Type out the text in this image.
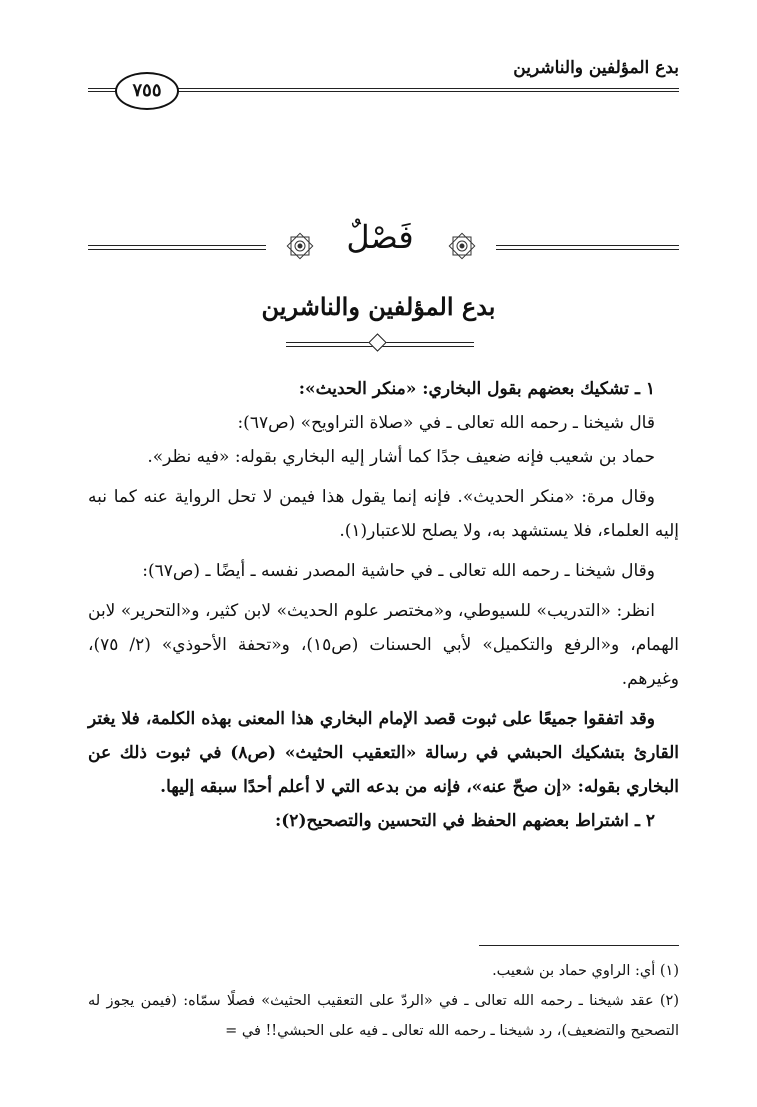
بدع المؤلفين والناشرين
٧٥٥
فَصْلٌ
بدع المؤلفين والناشرين

١ ـ تشكيك بعضهم بقول البخاري: «منكر الحديث»:

قال شيخنا ـ رحمه الله تعالى ـ في «صلاة التراويح» (ص٦٧):

حماد بن شعيب فإنه ضعيف جدًا كما أشار إليه البخاري بقوله: «فيه نظر».

وقال مرة: «منكر الحديث». فإنه إنما يقول هذا فيمن لا تحل الرواية عنه كما نبه إليه العلماء، فلا يستشهد به، ولا يصلح للاعتبار(١).

وقال شيخنا ـ رحمه الله تعالى ـ في حاشية المصدر نفسه ـ أيضًا ـ (ص٦٧):

انظر: «التدريب» للسيوطي، و«مختصر علوم الحديث» لابن كثير، و«التحرير» لابن الهمام، و«الرفع والتكميل» لأبي الحسنات (ص١٥)، و«تحفة الأحوذي» (٢/ ٧٥)، وغيرهم.

وقد اتفقوا جميعًا على ثبوت قصد الإمام البخاري هذا المعنى بهذه الكلمة، فلا يغتر القارئ بتشكيك الحبشي في رسالة «التعقيب الحثيث» (ص٨) في ثبوت ذلك عن البخاري بقوله: «إن صحّ عنه»، فإنه من بدعه التي لا أعلم أحدًا سبقه إليها.

٢ ـ اشتراط بعضهم الحفظ في التحسين والتصحيح(٢):

(١) أي: الراوي حماد بن شعيب.

(٢) عقد شيخنا ـ رحمه الله تعالى ـ في «الردّ على التعقيب الحثيث» فصلًا سمّاه: (فيمن يجوز له التصحيح والتضعيف)، رد شيخنا ـ رحمه الله تعالى ـ فيه على الحبشي!! في =
